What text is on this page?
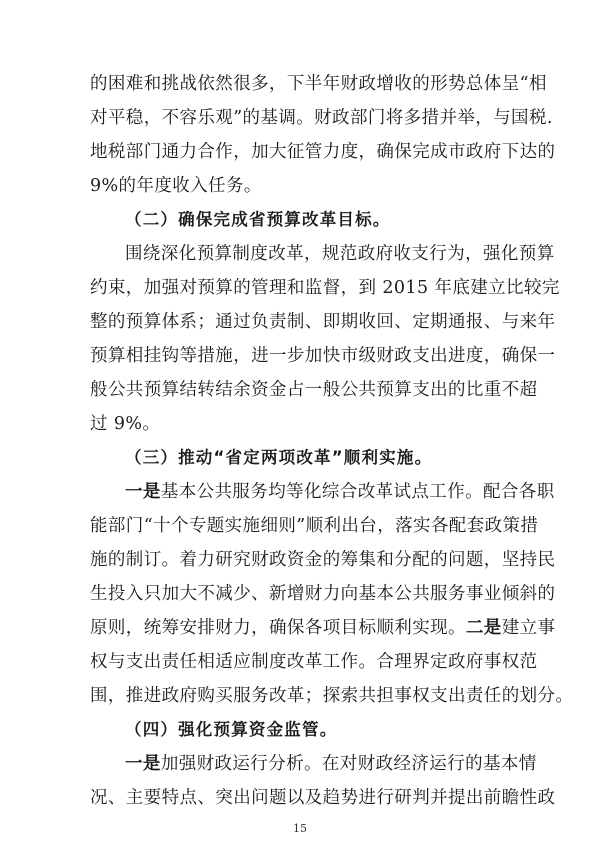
的困难和挑战依然很多，下半年财政增收的形势总体呈“相
对平稳，不容乐观”的基调。财政部门将多措并举，与国税.
地税部门通力合作，加大征管力度，确保完成市政府下达的
9%的年度收入任务。
（二）确保完成省预算改革目标。
围绕深化预算制度改革，规范政府收支行为，强化预算
约束，加强对预算的管理和监督，到 2015 年底建立比较完
整的预算体系；通过负责制、即期收回、定期通报、与来年
预算相挂钩等措施，进一步加快市级财政支出进度，确保一
般公共预算结转结余资金占一般公共预算支出的比重不超
过 9%。
（三）推动“省定两项改革”顺利实施。
一是基本公共服务均等化综合改革试点工作。配合各职
能部门“十个专题实施细则”顺利出台，落实各配套政策措
施的制订。着力研究财政资金的筹集和分配的问题，坚持民
生投入只加大不减少、新增财力向基本公共服务事业倾斜的
原则，统筹安排财力，确保各项目标顺利实现。二是建立事
权与支出责任相适应制度改革工作。合理界定政府事权范
围，推进政府购买服务改革；探索共担事权支出责任的划分。
（四）强化预算资金监管。
一是加强财政运行分析。在对财政经济运行的基本情
况、主要特点、突出问题以及趋势进行研判并提出前瞻性政
15
